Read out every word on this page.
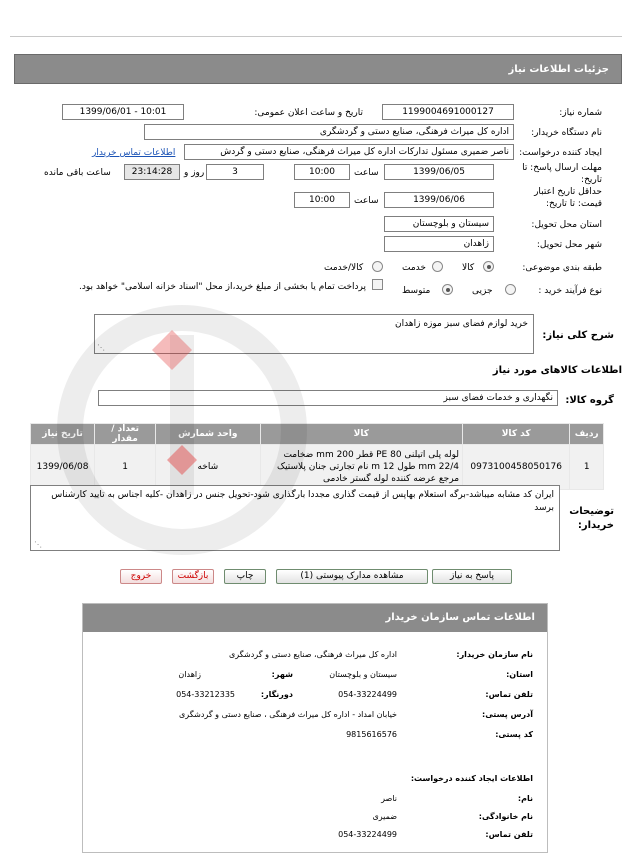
جزئیات اطلاعات نیاز
شماره نیاز:
1199004691000127
تاریخ و ساعت اعلان عمومی:
1399/06/01 - 10:01
نام دستگاه خریدار:
اداره کل میراث فرهنگی، صنایع دستی و گردشگری
ایجاد کننده درخواست:
ناصر ضمیری مسئول تداركات اداره کل میراث فرهنگی، صنایع دستی و گردش
اطلاعات تماس خریدار
مهلت ارسال پاسخ: تا تاریخ:
1399/06/05
ساعت
10:00
3
روز و
23:14:28
ساعت باقی مانده
حداقل تاریخ اعتبار قیمت: تا تاریخ:
1399/06/06
ساعت
10:00
استان محل تحویل:
سیستان و بلوچستان
شهر محل تحویل:
زاهدان
طبقه بندی موضوعی:
کالا
خدمت
کالا/خدمت
نوع فرآیند خرید :
جزیی
متوسط
پرداخت تمام یا بخشی از مبلغ خرید،از محل "اسناد خزانه اسلامی" خواهد بود.
شرح کلی نیاز:
خرید لوازم فضای سبز موزه زاهدان
⋰
اطلاعات کالاهای مورد نیاز
گروه کالا:
نگهداری و خدمات فضای سبز
ردیف	کد کالا	کالا	واحد شمارش	تعداد / مقدار	تاریخ نیاز
1	0973100458050176	لوله پلی اتیلنی PE 80 قطر mm 200 ضخامت mm 22/4 طول m 12 نام تجارتی جنان پلاستیک مرجع عرضه کننده لوله گستر خادمی	شاخه	1	1399/06/08
توضیحات خریدار:
ایران کد مشابه میباشد-برگه استعلام بهاپس از قیمت گذاری مجددا بارگذاری شود-تحویل جنس در زاهدان -کلیه اجناس به تایید کارشناس برسد
⋰
پاسخ به نیاز
مشاهده مدارک پیوستی (1)
چاپ
بازگشت
خروج
اطلاعات تماس سازمان خریدار
نام سازمان خریدار:
اداره کل میراث فرهنگی، صنایع دستی و گردشگری
استان:
سیستان و بلوچستان
شهر:
زاهدان
تلفن تماس:
054-33224499
دورنگار:
054-33212335
آدرس پستی:
خیابان امداد - اداره کل میراث فرهنگی ، صنایع دستی و گردشگری
کد پستی:
9815616576
اطلاعات ایجاد کننده درخواست:
نام:
ناصر
نام خانوادگی:
ضمیری
تلفن تماس:
054-33224499
